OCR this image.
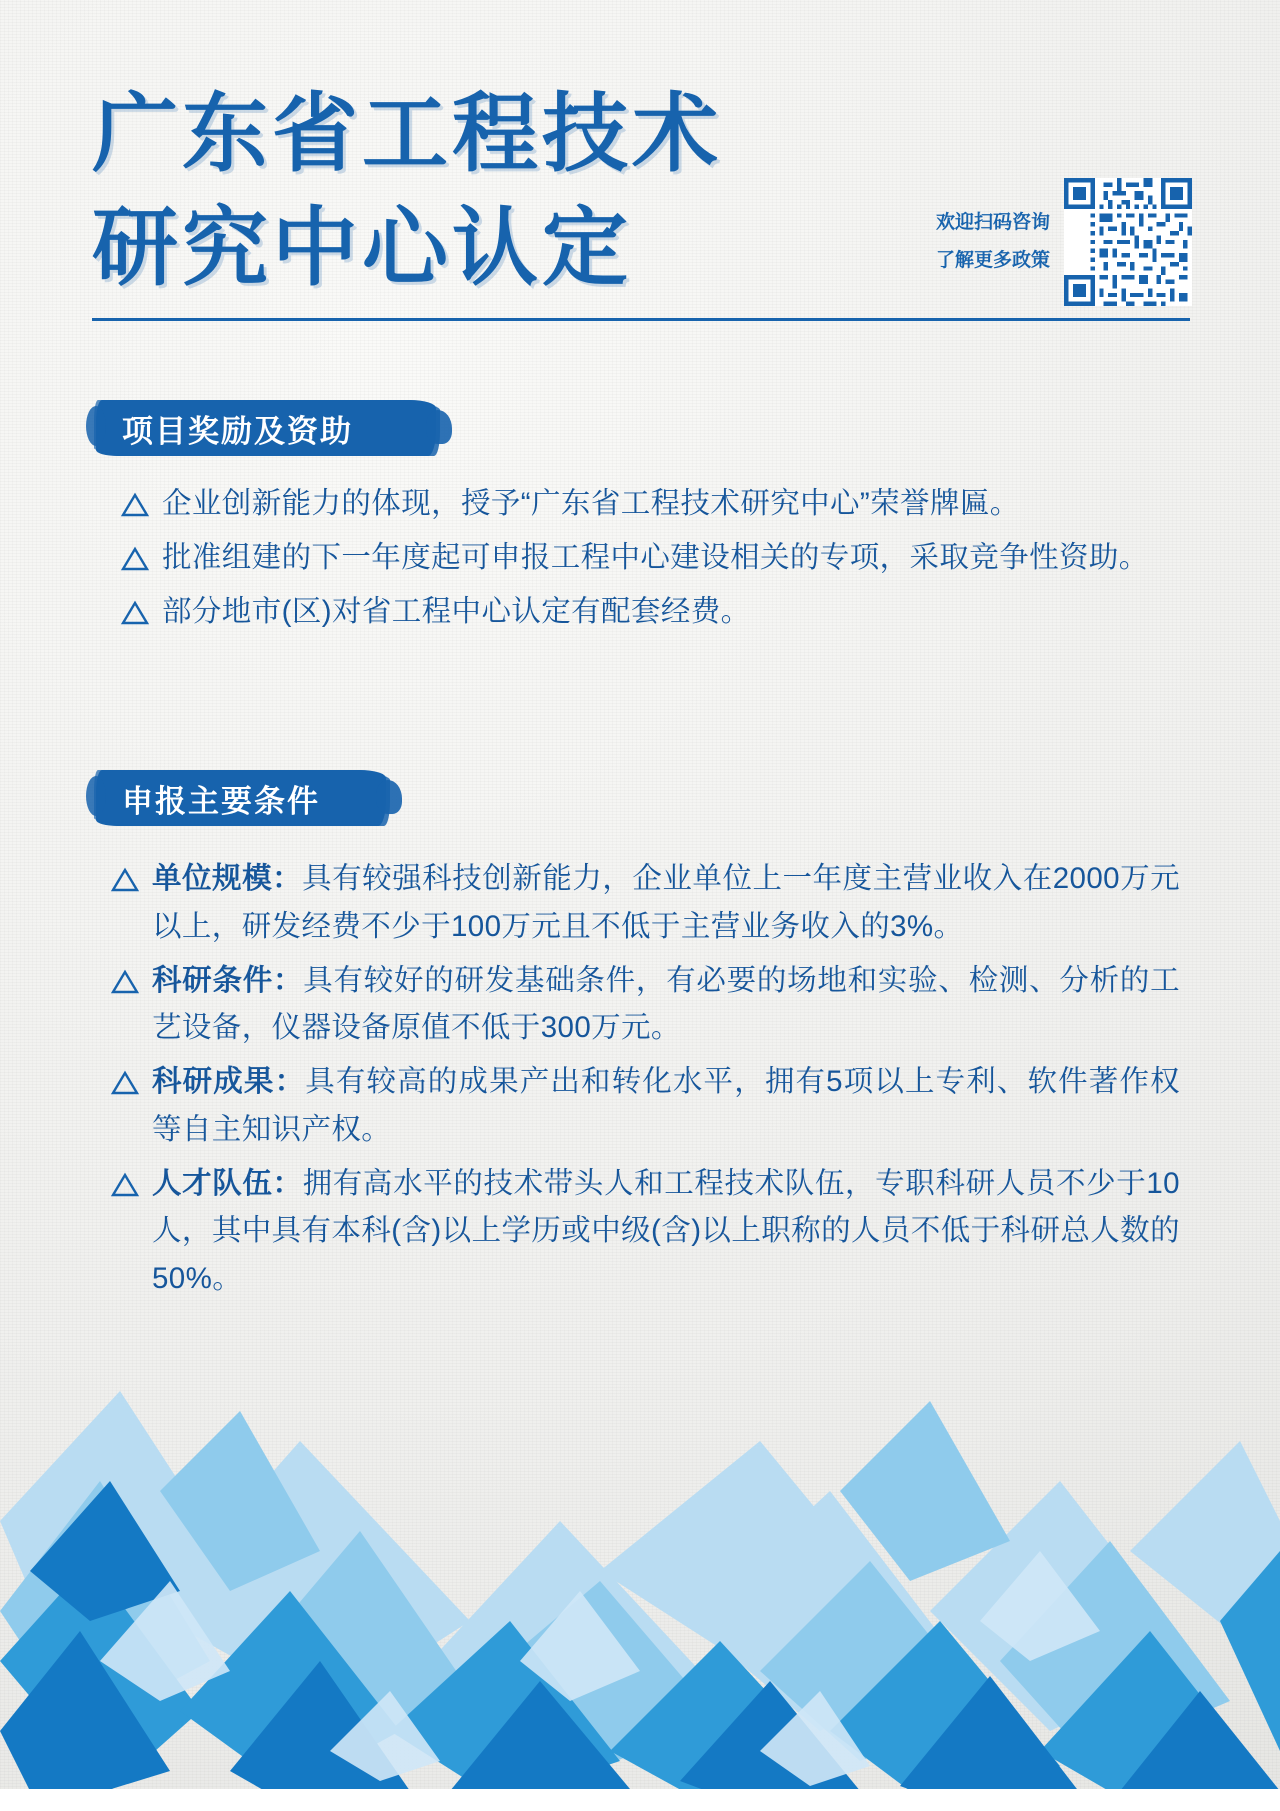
广东省工程技术
研究中心认定	欢迎扫码咨询
了解更多政策
项目奖励及资助
企业创新能力的体现，授予“广东省工程技术研究中心”荣誉牌匾。
批准组建的下一年度起可申报工程中心建设相关的专项，采取竞争性资助。
部分地市(区)对省工程中心认定有配套经费。
申报主要条件
单位规模：具有较强科技创新能力，企业单位上一年度主营业收入在2000万元以上，研发经费不少于100万元且不低于主营业务收入的3%。
科研条件：具有较好的研发基础条件，有必要的场地和实验、检测、分析的工艺设备，仪器设备原值不低于300万元。
科研成果：具有较高的成果产出和转化水平，拥有5项以上专利、软件著作权等自主知识产权。
人才队伍：拥有高水平的技术带头人和工程技术队伍，专职科研人员不少于10人，其中具有本科(含)以上学历或中级(含)以上职称的人员不低于科研总人数的50%。
